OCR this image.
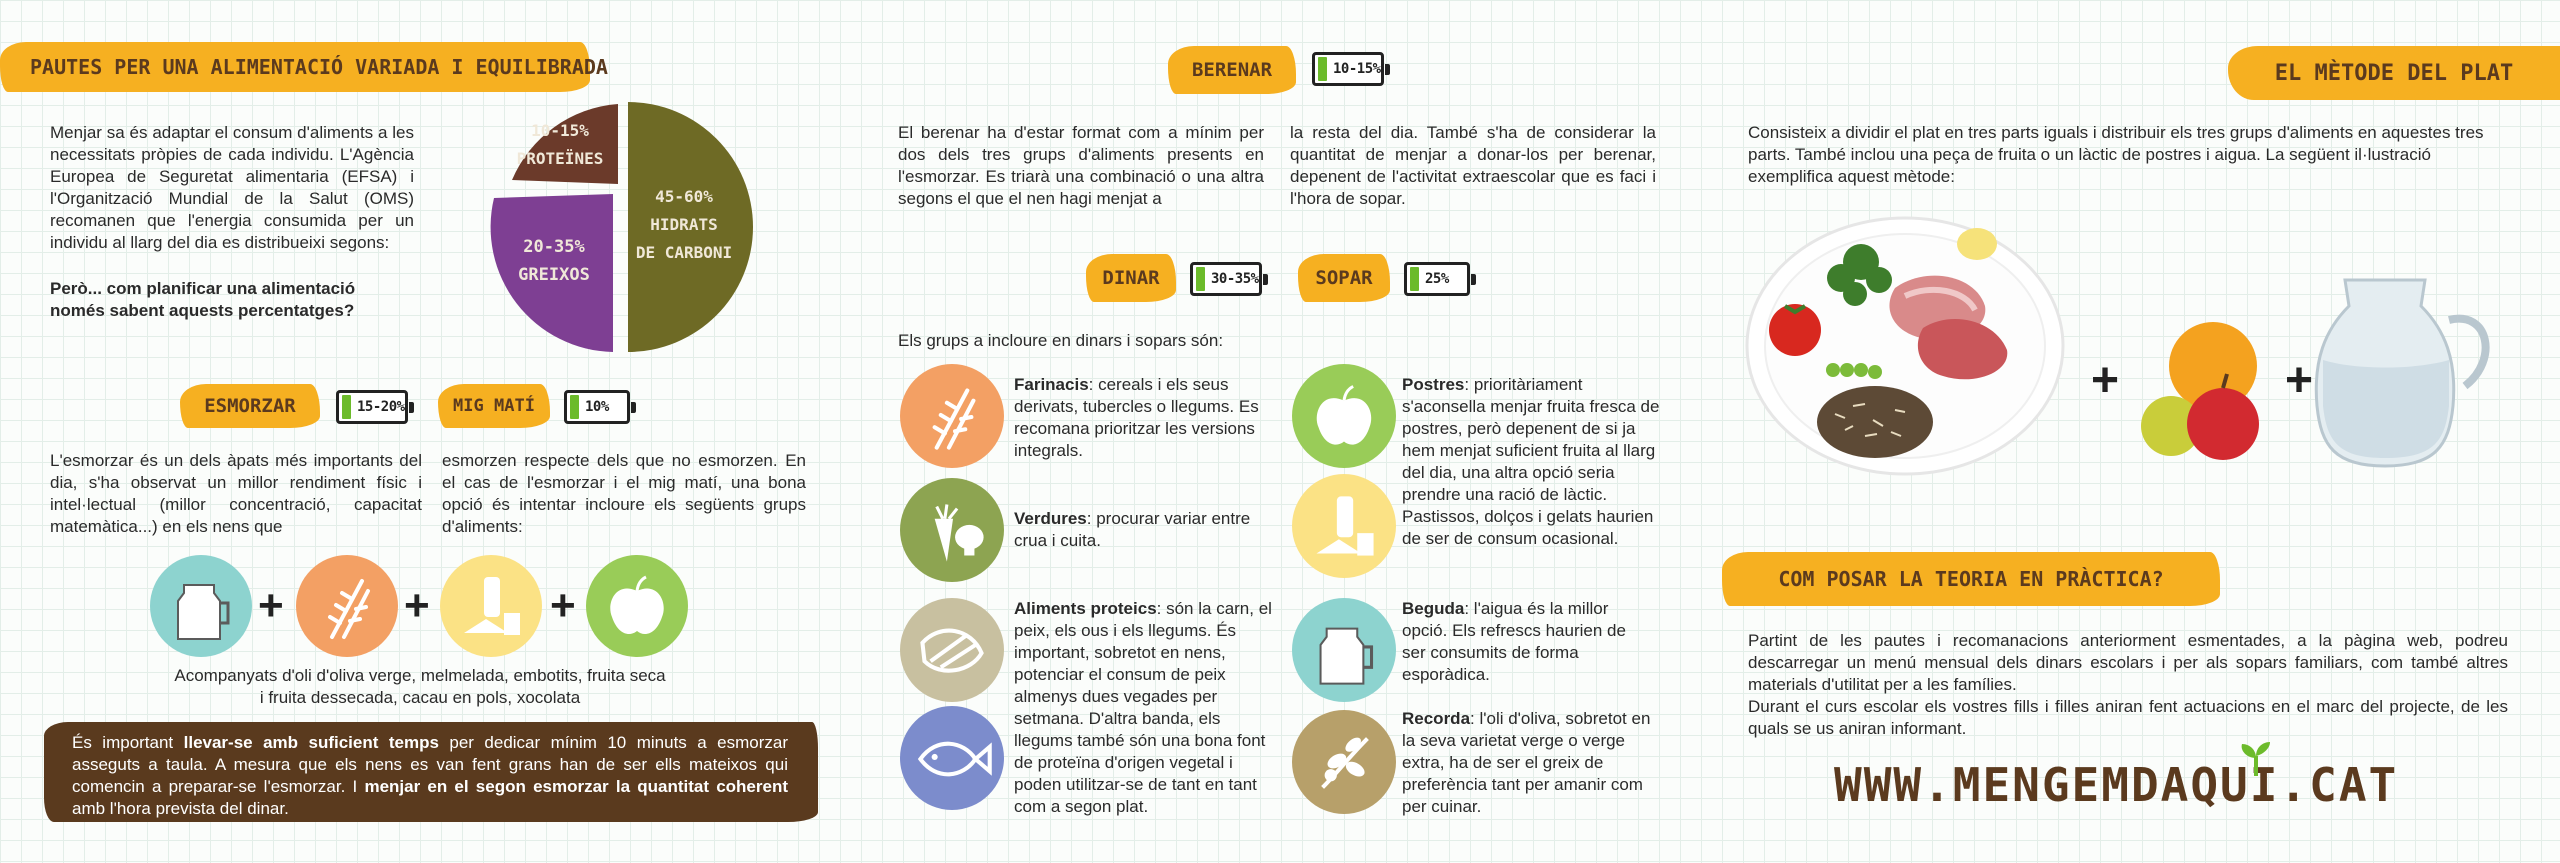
PAUTES PER UNA ALIMENTACIÓ VARIADA I EQUILIBRADA

Menjar sa és adaptar el consum d'aliments a les necessitats pròpies de cada individu. L'Agència Europea de Seguretat alimentaria (EFSA) i l'Organització Mundial de la Salut (OMS) recomanen que l'energia consumida per un individu al llarg del dia es distribueixi segons:

Però... com planificar una alimentació només sabent aquests percentatges?

10-15%
PROTEÏNES
20-35%
GREIXOS
45-60%
HIDRATS
DE CARBONI
ESMORZAR	15-20%	MIG MATÍ	10%

L'esmorzar és un dels àpats més importants del dia, s'ha observat un millor rendiment físic i intel·lectual (millor concentració, capacitat matemàtica...) en els nens que

esmorzen respecte dels que no esmorzen. En el cas de l'esmorzar i el mig matí, una bona opció és intentar incloure els següents grups d'aliments:

+	+	+

Acompanyats d'oli d'oliva verge, melmelada, embotits, fruita seca

i fruita dessecada, cacau en pols, xocolata

És important llevar-se amb suficient temps per dedicar mínim 10 minuts a esmorzar asseguts a taula. A mesura que els nens es van fent grans han de ser ells mateixos qui comencin a preparar-se l'esmorzar. I menjar en el segon esmorzar la quantitat coherent amb l'hora prevista del dinar.

BERENAR	10-15%

El berenar ha d'estar format com a mínim per dos dels tres grups d'aliments presents en l'esmorzar. Es triarà una combinació o una altra segons el que el nen hagi menjat a

la resta del dia. També s'ha de considerar la quantitat de menjar a donar-los per berenar, depenent de l'activitat extraescolar que es faci i l'hora de sopar.

DINAR	30-35%	SOPAR	25%

Els grups a incloure en dinars i sopars són:

Farinacis: cereals i els seus derivats, tubercles o llegums. Es recomana prioritzar les versions integrals.

Verdures: procurar variar entre crua i cuita.

Aliments proteics: són la carn, el peix, els ous i els llegums. És important, sobretot en nens, potenciar el consum de peix almenys dues vegades per setmana. D'altra banda, els llegums també són una bona font de proteïna d'origen vegetal i poden utilitzar-se de tant en tant com a segon plat.

Postres: prioritàriament s'aconsella menjar fruita fresca de postres, però depenent de si ja hem menjat suficient fruita al llarg del dia, una altra opció seria prendre una ració de làctic. Pastissos, dolços i gelats haurien de ser de consum ocasional.

Beguda: l'aigua és la millor opció. Els refrescs haurien de ser consumits de forma esporàdica.

Recorda: l'oli d'oliva, sobretot en la seva varietat verge o verge extra, ha de ser el greix de preferència tant per amanir com per cuinar.

EL MÈTODE DEL PLAT

Consisteix a dividir el plat en tres parts iguals i distribuir els tres grups d'aliments en aquestes tres parts. També inclou una peça de fruita o un làctic de postres i aigua. La següent il·lustració exemplifica aquest mètode:

+	+
COM POSAR LA TEORIA EN PRÀCTICA?

Partint de les pautes i recomanacions anteriorment esmentades, a la pàgina web, podreu descarregar un menú mensual dels dinars escolars i per als sopars familiars, com també altres materials d'utilitat per a les famílies.

Durant el curs escolar els vostres fills i filles aniran fent actuacions en el marc del projecte, de les quals se us aniran informant.

WWW.MENGEMDAQUI.CAT
